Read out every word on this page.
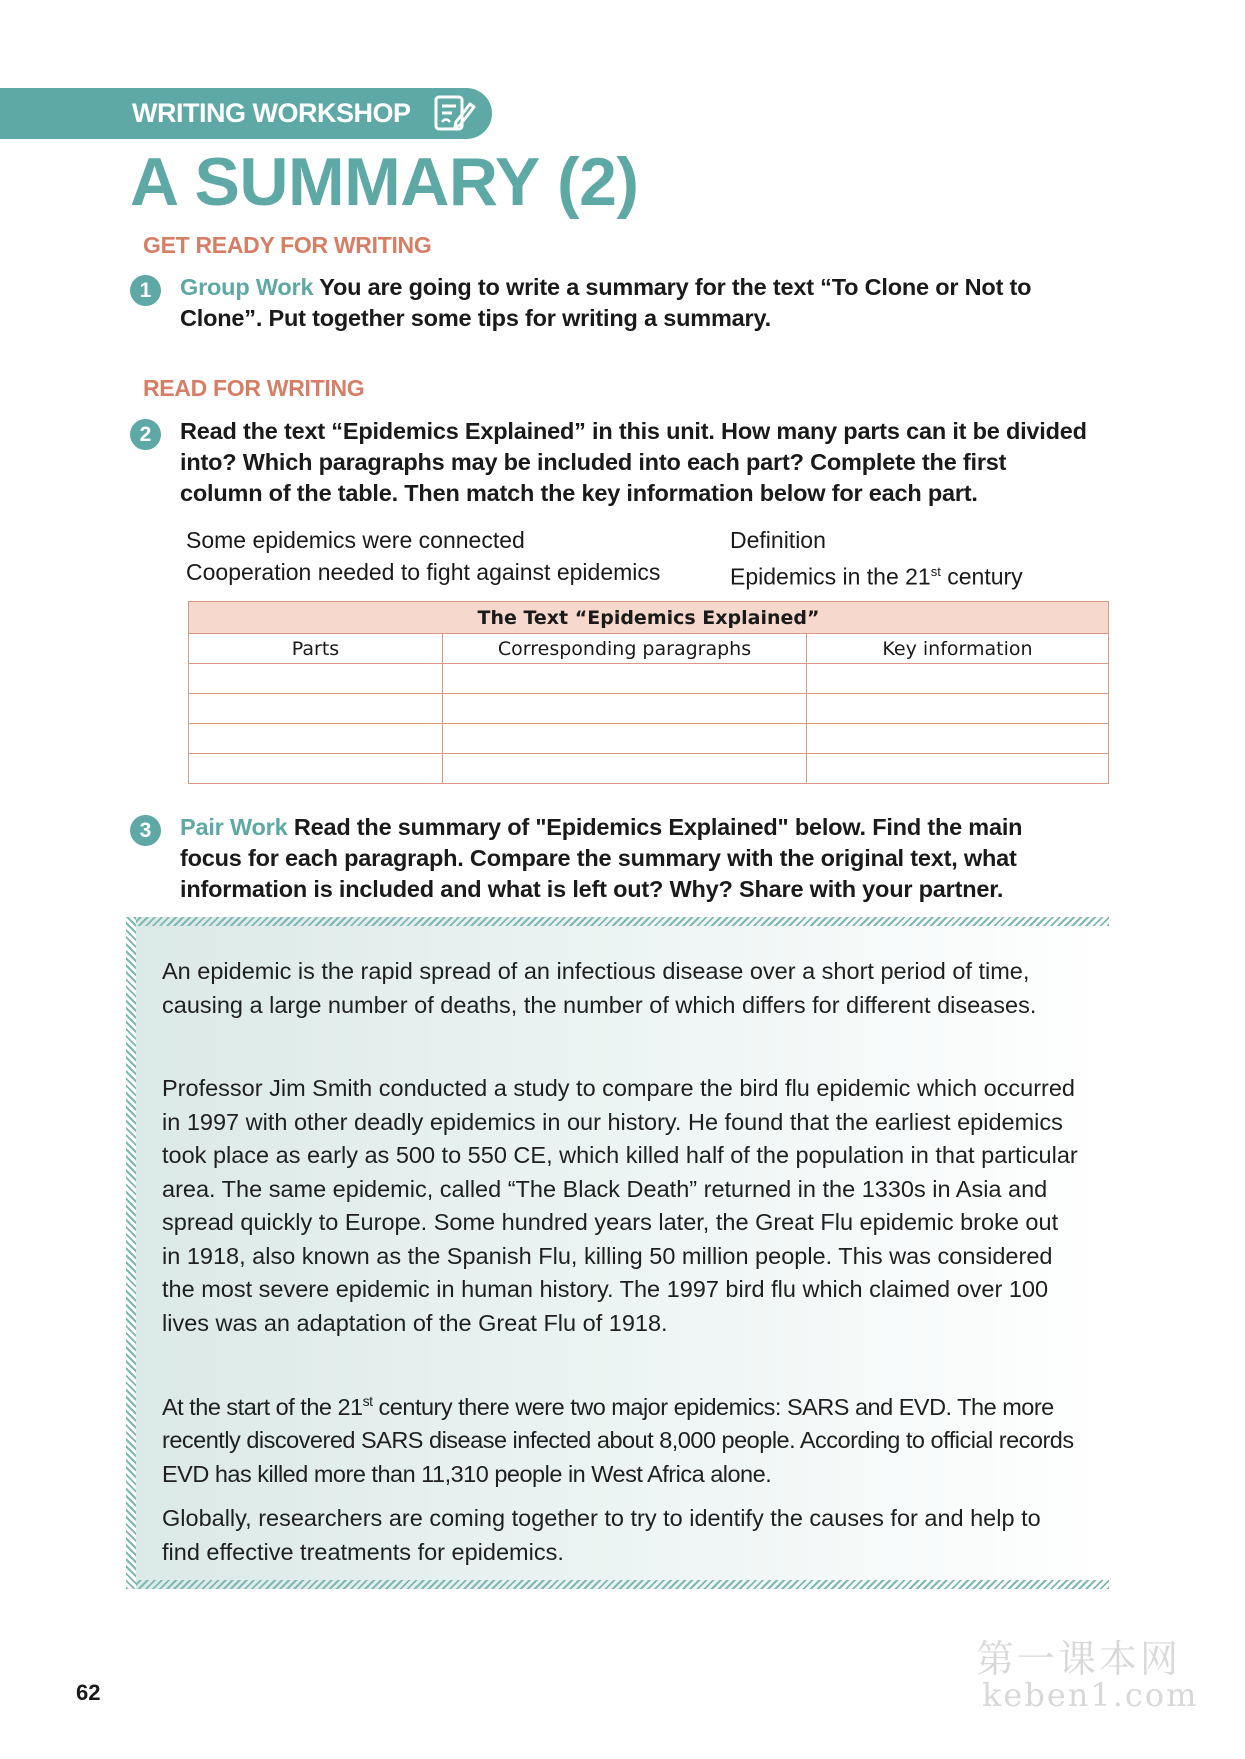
WRITING WORKSHOP
A SUMMARY (2)
GET READY FOR WRITING
1	Group Work You are going to write a summary for the text “To Clone or Not to Clone”. Put together some tips for writing a summary.
READ FOR WRITING
2	Read the text “Epidemics Explained” in this unit. How many parts can it be divided into? Which paragraphs may be included into each part? Complete the first column of the table. Then match the key information below for each part.
Some epidemics were connected	Definition
Cooperation needed to fight against epidemics	Epidemics in the 21st century
The Text “Epidemics Explained”		
Parts	Corresponding paragraphs	Key information

3	Pair Work Read the summary of "Epidemics Explained" below. Find the main focus for each paragraph. Compare the summary with the original text, what information is included and what is left out? Why? Share with your partner.

An epidemic is the rapid spread of an infectious disease over a short period of time, causing a large number of deaths, the number of which differs for different diseases.

Professor Jim Smith conducted a study to compare the bird flu epidemic which occurred in 1997 with other deadly epidemics in our history. He found that the earliest epidemics took place as early as 500 to 550 CE, which killed half of the population in that particular area. The same epidemic, called “The Black Death” returned in the 1330s in Asia and spread quickly to Europe. Some hundred years later, the Great Flu epidemic broke out in 1918, also known as the Spanish Flu, killing 50 million people. This was considered the most severe epidemic in human history. The 1997 bird flu which claimed over 100 lives was an adaptation of the Great Flu of 1918.

At the start of the 21st century there were two major epidemics: SARS and EVD. The more recently discovered SARS disease infected about 8,000 people. According to official records EVD has killed more than 11,310 people in West Africa alone.

Globally, researchers are coming together to try to identify the causes for and help to find effective treatments for epidemics.

62
第一课本网
keben1.com
